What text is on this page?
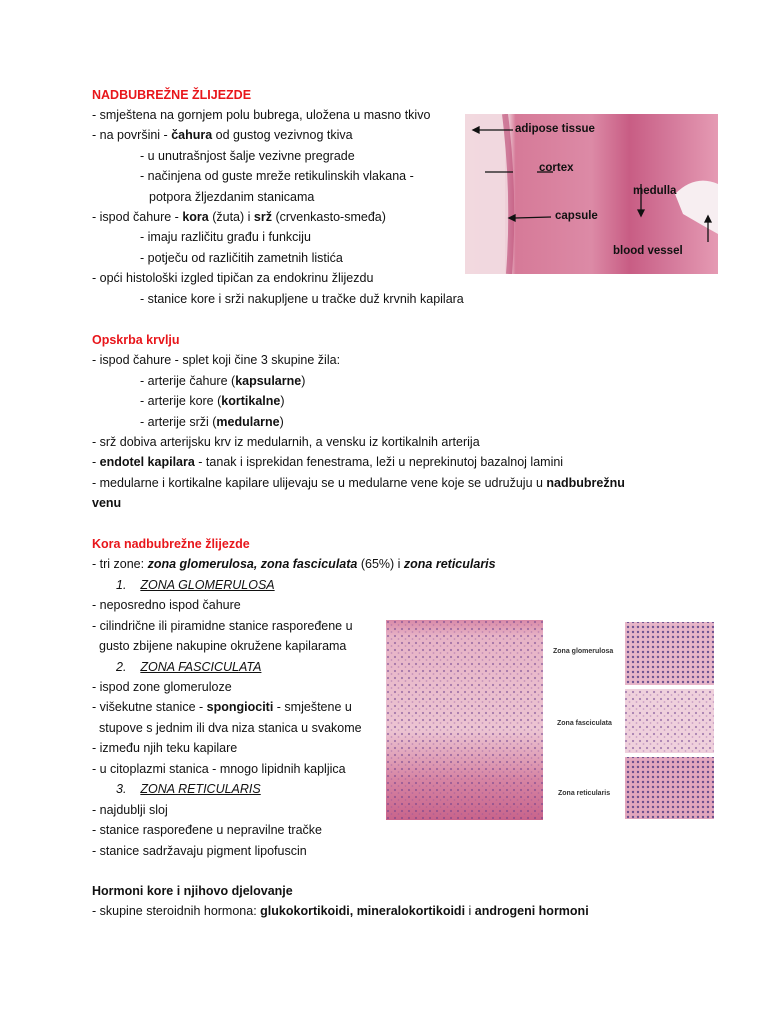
NADBUBREŽNE ŽLIJEZDE
- smještena na gornjem polu bubrega, uložena u masno tkivo
- na površini - čahura od gustog vezivnog tkiva
- u unutrašnjost šalje vezivne pregrade
- načinjena od guste mreže retikulinskih vlakana -
potpora žljezdanim stanicama
- ispod čahure - kora (žuta) i srž (crvenkasto-smeđa)
- imaju različitu građu i funkciju
- potječu od različitih zametnih listića
- opći histološki izgled tipičan za endokrinu žlijezdu
- stanice kore i srži nakupljene u tračke duž krvnih kapilara
adipose tissue
cortex
medulla
capsule
blood vessel
Opskrba krvlju
- ispod čahure - splet koji čine 3 skupine žila:
- arterije čahure (kapsularne)
- arterije kore (kortikalne)
- arterije srži (medularne)
- srž dobiva arterijsku krv iz medularnih, a vensku iz kortikalnih arterija
- endotel kapilara - tanak i isprekidan fenestrama, leži u neprekinutoj bazalnoj lamini
- medularne i kortikalne kapilare ulijevaju se u medularne vene koje se udružuju u nadbubrežnu
venu
Kora nadbubrežne žlijezde
- tri zone: zona glomerulosa, zona fasciculata (65%) i zona reticularis
1. ZONA GLOMERULOSA
- neposredno ispod čahure
- cilindrične ili piramidne stanice raspoređene u
gusto zbijene nakupine okružene kapilarama
2. ZONA FASCICULATA
- ispod zone glomeruloze
- višekutne stanice - spongiociti - smještene u
stupove s jednim ili dva niza stanica u svakome
- između njih teku kapilare
- u citoplazmi stanica - mnogo lipidnih kapljica
3. ZONA RETICULARIS
- najdublji sloj
- stanice raspoređene u nepravilne tračke
- stanice sadržavaju pigment lipofuscin
Zona glomerulosa
Zona fasciculata
Zona reticularis
Hormoni kore i njihovo djelovanje
- skupine steroidnih hormona: glukokortikoidi, mineralokortikoidi i androgeni hormoni
